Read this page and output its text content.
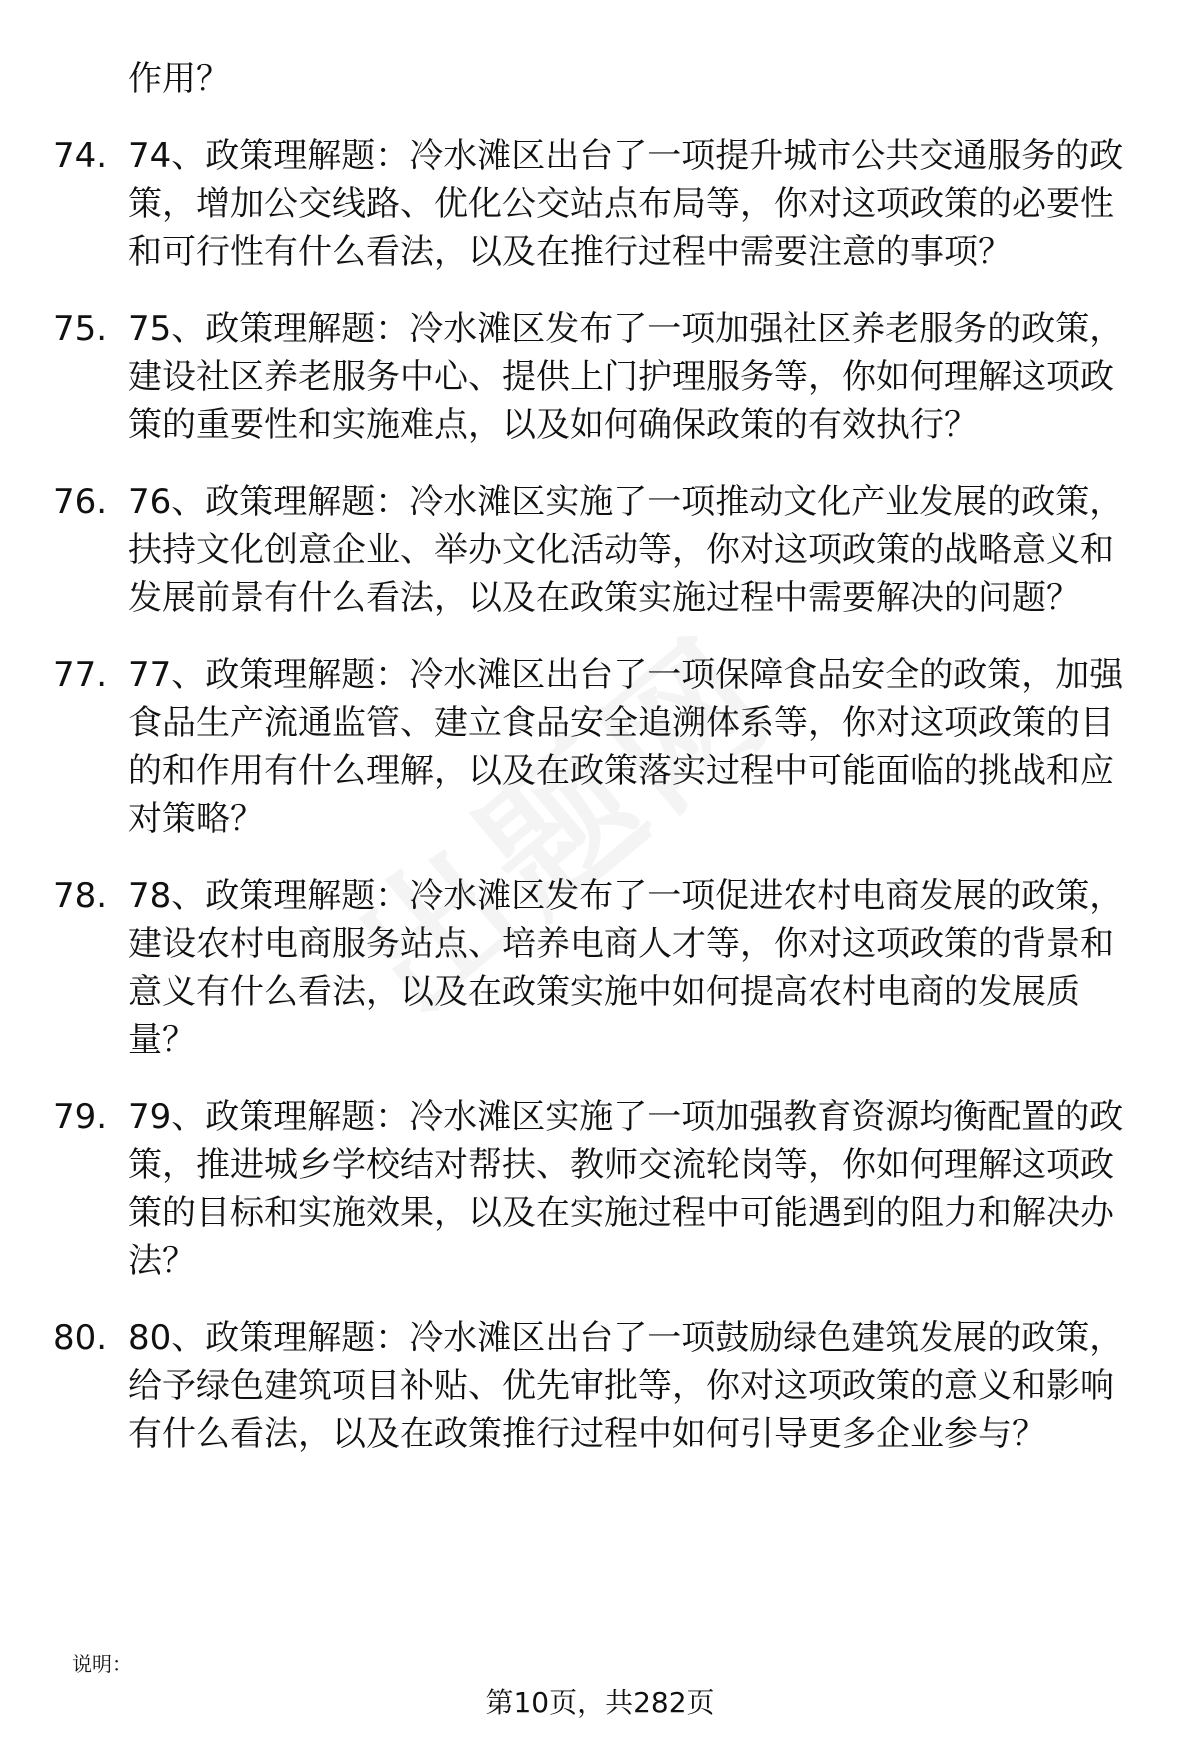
作用？
74. 74、政策理解题：冷水滩区出台了一项提升城市公共交通服务的政策，增加公交线路、优化公交站点布局等，你对这项政策的必要性和可行性有什么看法，以及在推行过程中需要注意的事项？
75. 75、政策理解题：冷水滩区发布了一项加强社区养老服务的政策，建设社区养老服务中心、提供上门护理服务等，你如何理解这项政策的重要性和实施难点，以及如何确保政策的有效执行？
76. 76、政策理解题：冷水滩区实施了一项推动文化产业发展的政策，扶持文化创意企业、举办文化活动等，你对这项政策的战略意义和发展前景有什么看法，以及在政策实施过程中需要解决的问题？
77. 77、政策理解题：冷水滩区出台了一项保障食品安全的政策，加强食品生产流通监管、建立食品安全追溯体系等，你对这项政策的目的和作用有什么理解，以及在政策落实过程中可能面临的挑战和应对策略？
78. 78、政策理解题：冷水滩区发布了一项促进农村电商发展的政策，建设农村电商服务站点、培养电商人才等，你对这项政策的背景和意义有什么看法，以及在政策实施中如何提高农村电商的发展质量？
79. 79、政策理解题：冷水滩区实施了一项加强教育资源均衡配置的政策，推进城乡学校结对帮扶、教师交流轮岗等，你如何理解这项政策的目标和实施效果，以及在实施过程中可能遇到的阻力和解决办法？
80. 80、政策理解题：冷水滩区出台了一项鼓励绿色建筑发展的政策，给予绿色建筑项目补贴、优先审批等，你对这项政策的意义和影响有什么看法，以及在政策推行过程中如何引导更多企业参与？
说明：
第10页，共282页
